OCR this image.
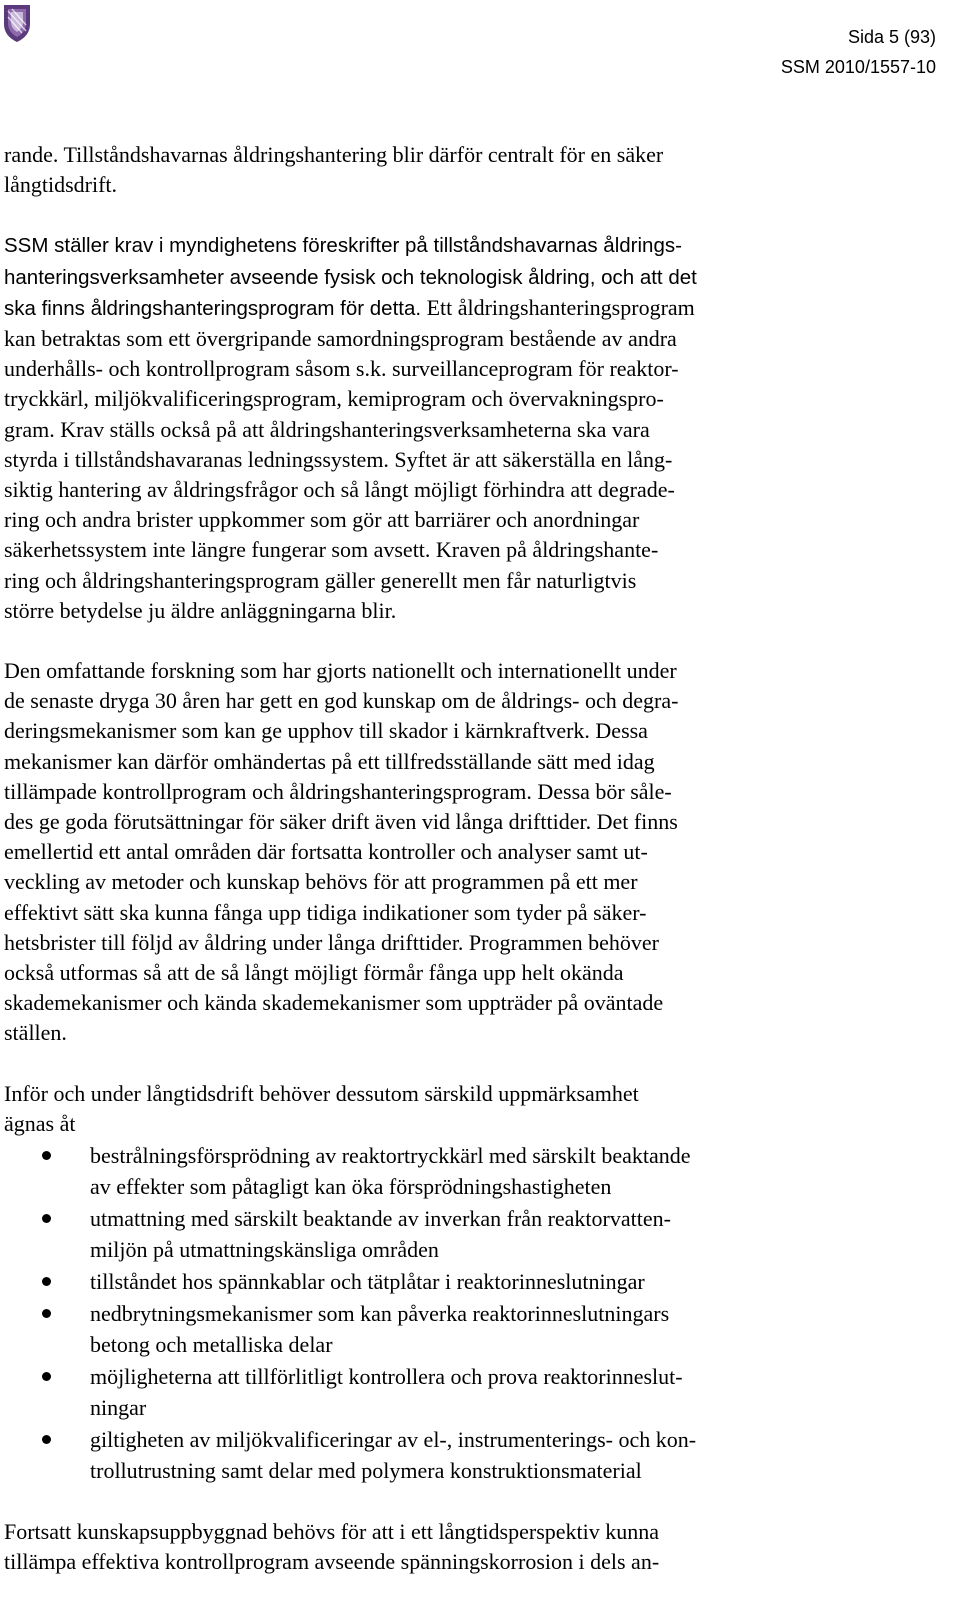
Sida 5 (93)
SSM 2010/1557-10

rande. Tillståndshavarnas åldringshantering blir därför centralt för en säker
långtidsdrift.

SSM ställer krav i myndighetens föreskrifter på tillståndshavarnas åldrings-
hanteringsverksamheter avseende fysisk och teknologisk åldring, och att det
ska finns åldringshanteringsprogram för detta. Ett åldringshanteringsprogram
kan betraktas som ett övergripande samordningsprogram bestående av andra
underhålls- och kontrollprogram såsom s.k. surveillanceprogram för reaktor-
tryckkärl, miljökvalificeringsprogram, kemiprogram och övervakningspro-
gram. Krav ställs också på att åldringshanteringsverksamheterna ska vara
styrda i tillståndshavaranas ledningssystem. Syftet är att säkerställa en lång-
siktig hantering av åldringsfrågor och så långt möjligt förhindra att degrade-
ring och andra brister uppkommer som gör att barriärer och anordningar
säkerhetssystem inte längre fungerar som avsett. Kraven på åldringshante-
ring och åldringshanteringsprogram gäller generellt men får naturligtvis
större betydelse ju äldre anläggningarna blir.

Den omfattande forskning som har gjorts nationellt och internationellt under
de senaste dryga 30 åren har gett en god kunskap om de åldrings- och degra-
deringsmekanismer som kan ge upphov till skador i kärnkraftverk. Dessa
mekanismer kan därför omhändertas på ett tillfredsställande sätt med idag
tillämpade kontrollprogram och åldringshanteringsprogram. Dessa bör såle-
des ge goda förutsättningar för säker drift även vid långa drifttider. Det finns
emellertid ett antal områden där fortsatta kontroller och analyser samt ut-
veckling av metoder och kunskap behövs för att programmen på ett mer
effektivt sätt ska kunna fånga upp tidiga indikationer som tyder på säker-
hetsbrister till följd av åldring under långa drifttider. Programmen behöver
också utformas så att de så långt möjligt förmår fånga upp helt okända
skademekanismer och kända skademekanismer som uppträder på oväntade
ställen.

Inför och under långtidsdrift behöver dessutom särskild uppmärksamhet
ägnas åt

bestrålningsförsprödning av reaktortryckkärl med särskilt beaktande
av effekter som påtagligt kan öka försprödningshastigheten
utmattning med särskilt beaktande av inverkan från reaktorvatten-
miljön på utmattningskänsliga områden
tillståndet hos spännkablar och tätplåtar i reaktorinneslutningar
nedbrytningsmekanismer som kan påverka reaktorinneslutningars
betong och metalliska delar
möjligheterna att tillförlitligt kontrollera och prova reaktorinneslut-
ningar
giltigheten av miljökvalificeringar av el-, instrumenterings- och kon-
trollutrustning samt delar med polymera konstruktionsmaterial

Fortsatt kunskapsuppbyggnad behövs för att i ett långtidsperspektiv kunna
tillämpa effektiva kontrollprogram avseende spänningskorrosion i dels an-
